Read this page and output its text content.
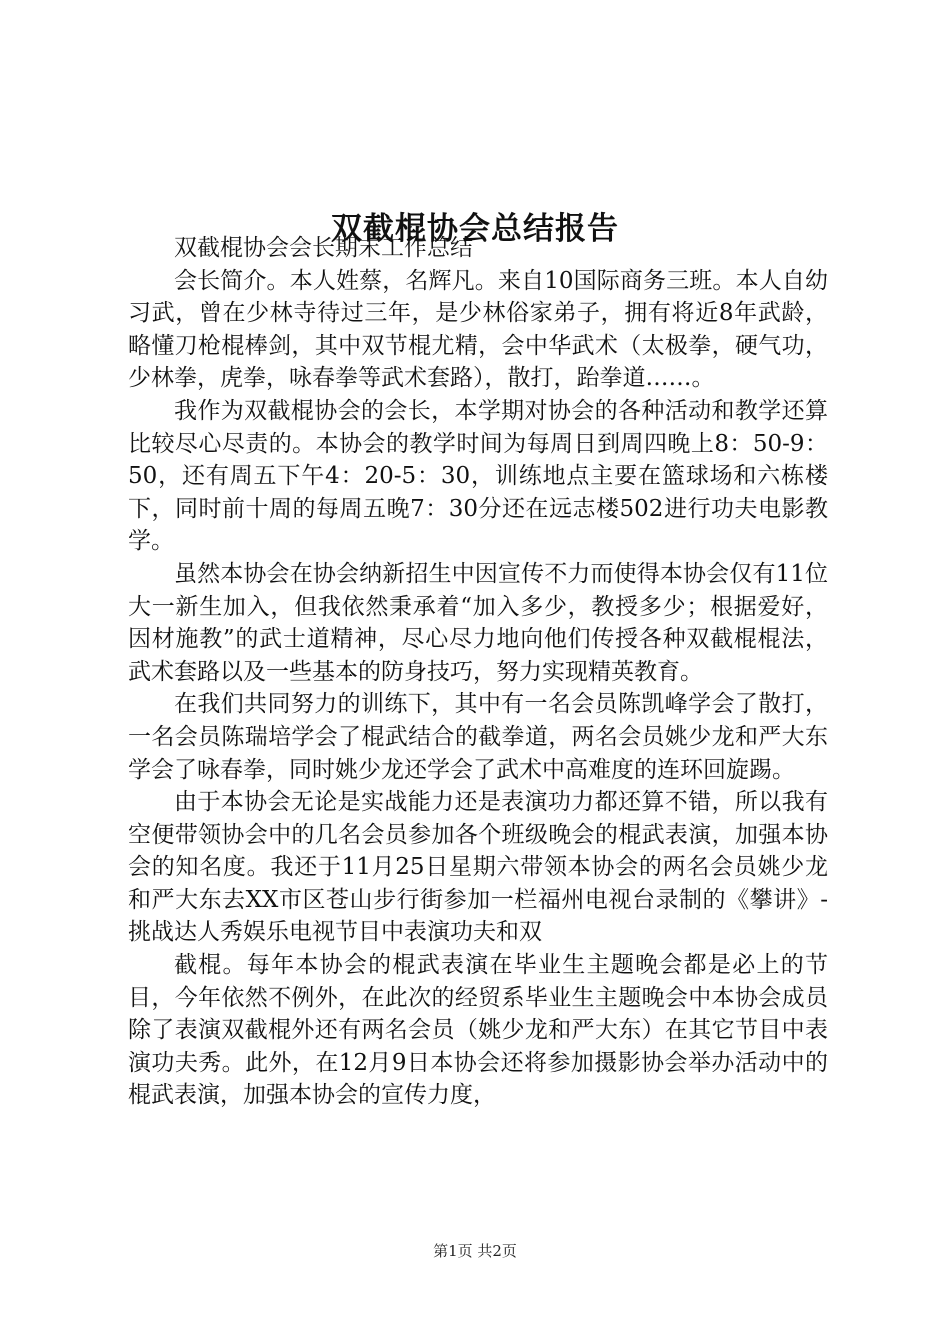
双截棍协会总结报告

双截棍协会会长期末工作总结

会长简介。本人姓蔡，名辉凡。来自10国际商务三班。本人自幼习武，曾在少林寺待过三年，是少林俗家弟子，拥有将近8年武龄，略懂刀枪棍棒剑，其中双节棍尤精，会中华武术（太极拳，硬气功，少林拳，虎拳，咏春拳等武术套路），散打，跆拳道……。

我作为双截棍协会的会长，本学期对协会的各种活动和教学还算比较尽心尽责的。本协会的教学时间为每周日到周四晚上8：50-9：50，还有周五下午4：20-5：30，训练地点主要在篮球场和六栋楼下，同时前十周的每周五晚7：30分还在远志楼502进行功夫电影教学。

虽然本协会在协会纳新招生中因宣传不力而使得本协会仅有11位大一新生加入，但我依然秉承着“加入多少，教授多少；根据爱好，因材施教”的武士道精神，尽心尽力地向他们传授各种双截棍棍法，武术套路以及一些基本的防身技巧，努力实现精英教育。

在我们共同努力的训练下，其中有一名会员陈凯峰学会了散打，一名会员陈瑞培学会了棍武结合的截拳道，两名会员姚少龙和严大东学会了咏春拳，同时姚少龙还学会了武术中高难度的连环回旋踢。

由于本协会无论是实战能力还是表演功力都还算不错，所以我有空便带领协会中的几名会员参加各个班级晚会的棍武表演，加强本协会的知名度。我还于11月25日星期六带领本协会的两名会员姚少龙和严大东去XX市区苍山步行街参加一栏福州电视台录制的《攀讲》-挑战达人秀娱乐电视节目中表演功夫和双

截棍。每年本协会的棍武表演在毕业生主题晚会都是必上的节目，今年依然不例外，在此次的经贸系毕业生主题晚会中本协会成员除了表演双截棍外还有两名会员（姚少龙和严大东）在其它节目中表演功夫秀。此外，在12月9日本协会还将参加摄影协会举办活动中的棍武表演，加强本协会的宣传力度，

第1页 共2页
